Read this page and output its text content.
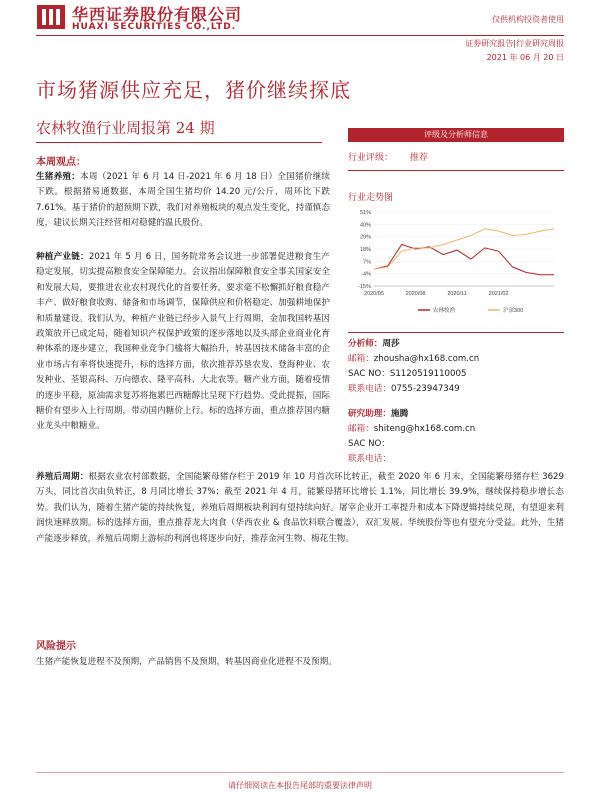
华西证券股份有限公司
HUAXI SECURITIES CO.,LTD.
仅供机构投资者使用
证券研究报告|行业研究周报
2021 年 06 月 20 日
市场猪源供应充足，猪价继续探底
农林牧渔行业周报第 24 期
本周观点：
生猪养殖：本周（2021 年 6 月 14 日-2021 年 6 月 18 日）全国猪价继续下跌。根据猪易通数据，本周全国生猪均价 14.20 元/公斤，周环比下跌 7.61%。基于猪价的超预期下跌，我们对养殖板块的观点发生变化，持谨慎态度，建议长期关注经营相对稳健的温氏股份。
种植产业链：2021 年 5 月 6 日，国务院常务会议进一步部署促进粮食生产稳定发展，切实提高粮食安全保障能力。会议指出保障粮食安全事关国家安全和发展大局，要推进农业农村现代化的首要任务，要求毫不松懈抓好粮食稳产丰产、做好粮食收购、储备和市场调节，保障供应和价格稳定、加强耕地保护和质量建设。我们认为，种植产业链已经步入景气上行周期，金加我国转基因政策放开已成定局，随着知识产权保护政策的逐步落地以及头部企业商业化育种体系的逐步建立，我国种业竞争门槛将大幅抬升，转基因技术储备丰富的企业市场占有率将快速提升，标的选择方面，依次推荐苏垦农发、登海种业、农发种业、荃银高科、万向德农、隆平高科、大北农等。糖产业方面，随着疫情的逐步平稳，原油需求复苏将拖累巴西糖醇比呈现下行趋势。受此提振，国际糖价有望步入上行周期，带动国内糖价上行。标的选择方面，重点推荐国内糖业龙头中粮糖业。
养殖后周期：根据农业农村部数据，全国能繁母猪存栏于 2019 年 10 月首次环比转正，截至 2020 年 6 月末，全国能繁母猪存栏 3629 万头，同比首次由负转正，8 月同比增长 37%；截至 2021 年 4 月，能繁母猪环比增长 1.1%，同比增长 39.9%，继续保持稳步增长态势。我们认为，随着生猪产能的持续恢复，养殖后周期板块利润有望持续向好。屠宰企业开工率提升和成本下降逻辑持续兑现，有望迎来利润快速释放期。标的选择方面，重点推荐龙大肉食（华西农业 & 食品饮料联合覆盖），双汇发展、华统股份等也有望充分受益。此外，生猪产能逐步释放，养殖后周期上游标的利润也将逐步向好，推荐金河生物、梅花生物。
风险提示
生猪产能恢复进程不及预期，产品销售不及预期，转基因商业化进程不及预期。
评级及分析师信息
行业评级： 推荐
行业走势图
51%
40%
29%
18%
7%
-4%
-15%
2020/05	2020/08	2020/11	2021/02
农林牧渔	沪深300
分析师：周莎
邮箱：zhousha@hx168.com.cn
SAC NO：S1120519110005
联系电话：0755-23947349
研究助理：施腾
邮箱：shiteng@hx168.com.cn
SAC NO：
联系电话：
请仔细阅读在本报告尾部的重要法律声明
